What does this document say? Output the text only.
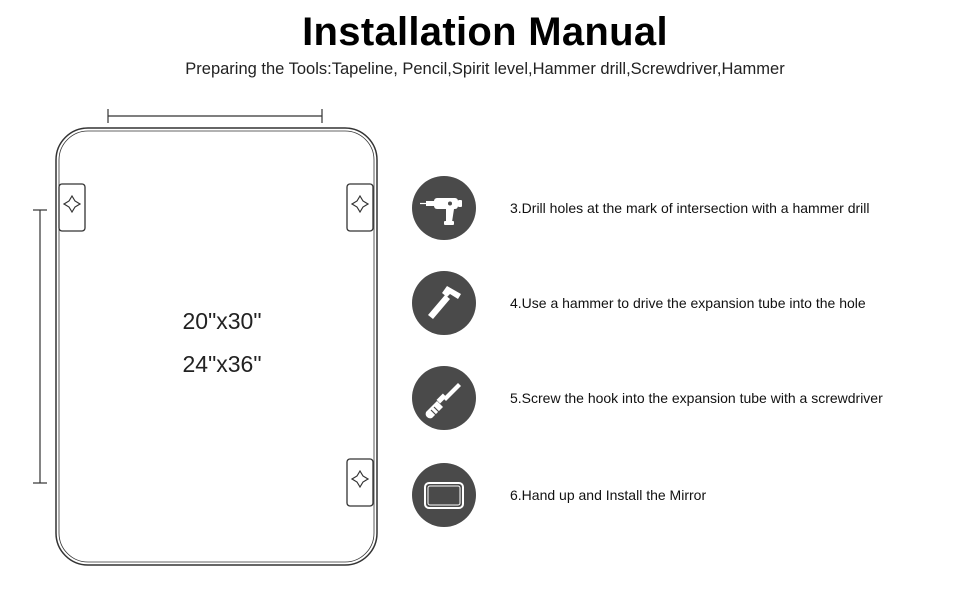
Installation Manual
Preparing the Tools:Tapeline, Pencil,Spirit level,Hammer drill,Screwdriver,Hammer
20"x30"
24"x36"
3.Drill holes at the mark of intersection with a hammer drill
4.Use a hammer to drive the expansion tube into the hole
5.Screw the hook into the expansion tube with a screwdriver
6.Hand up and Install the Mirror
